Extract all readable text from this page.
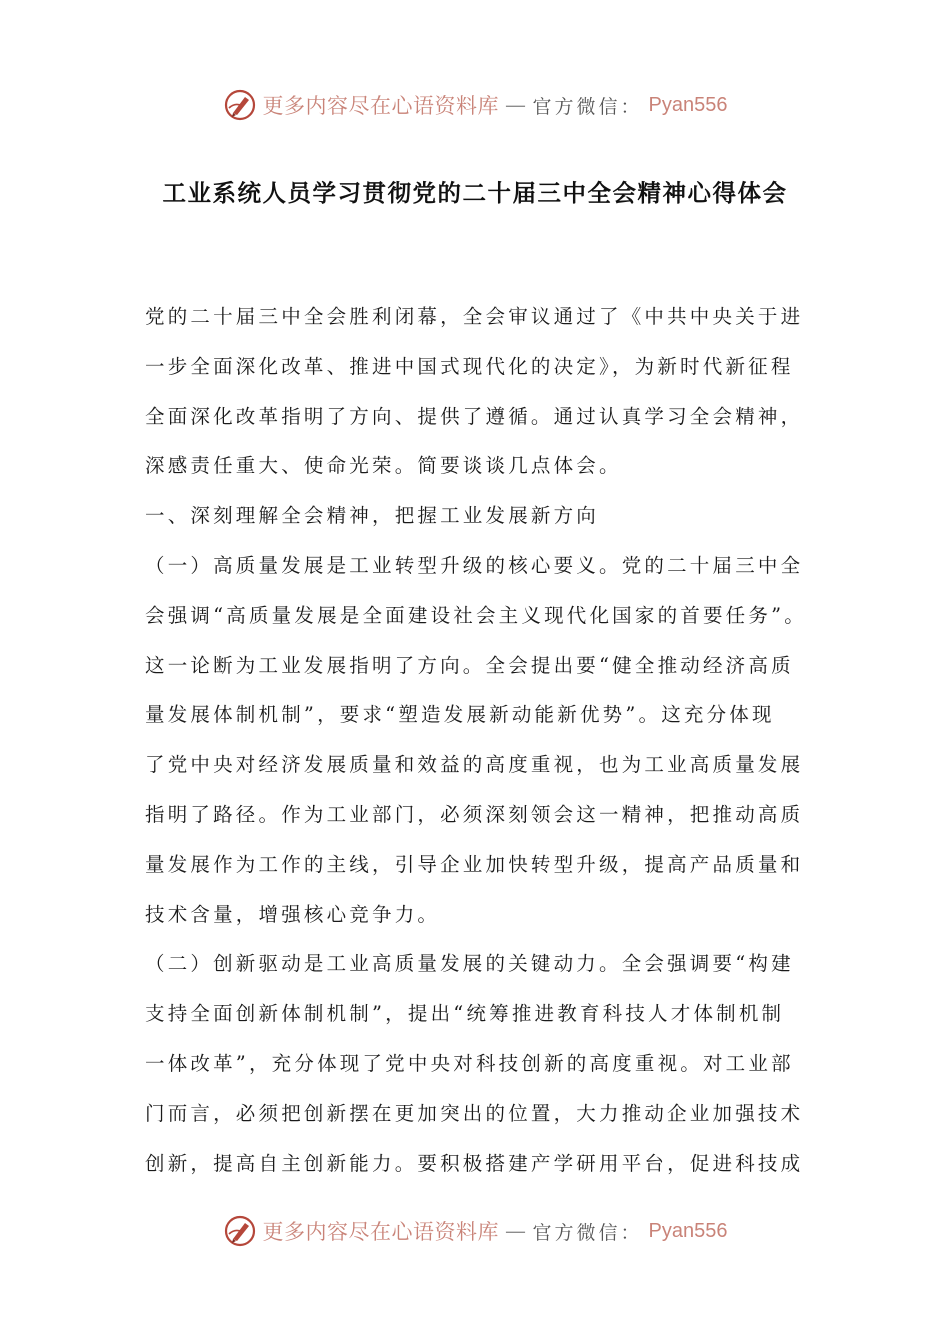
更多内容尽在心语资料库 — 官方微信： Pyan556
工业系统人员学习贯彻党的二十届三中全会精神心得体会
党的二十届三中全会胜利闭幕，全会审议通过了《中共中央关于进
一步全面深化改革、推进中国式现代化的决定》，为新时代新征程
全面深化改革指明了方向、提供了遵循。通过认真学习全会精神，
深感责任重大、使命光荣。简要谈谈几点体会。
一、深刻理解全会精神，把握工业发展新方向
（一）高质量发展是工业转型升级的核心要义。党的二十届三中全
会强调“高质量发展是全面建设社会主义现代化国家的首要任务”。
这一论断为工业发展指明了方向。全会提出要“健全推动经济高质
量发展体制机制”，要求“塑造发展新动能新优势”。这充分体现
了党中央对经济发展质量和效益的高度重视，也为工业高质量发展
指明了路径。作为工业部门，必须深刻领会这一精神，把推动高质
量发展作为工作的主线，引导企业加快转型升级，提高产品质量和
技术含量，增强核心竞争力。
（二）创新驱动是工业高质量发展的关键动力。全会强调要“构建
支持全面创新体制机制”，提出“统筹推进教育科技人才体制机制
一体改革”，充分体现了党中央对科技创新的高度重视。对工业部
门而言，必须把创新摆在更加突出的位置，大力推动企业加强技术
创新，提高自主创新能力。要积极搭建产学研用平台，促进科技成
更多内容尽在心语资料库 — 官方微信： Pyan556
